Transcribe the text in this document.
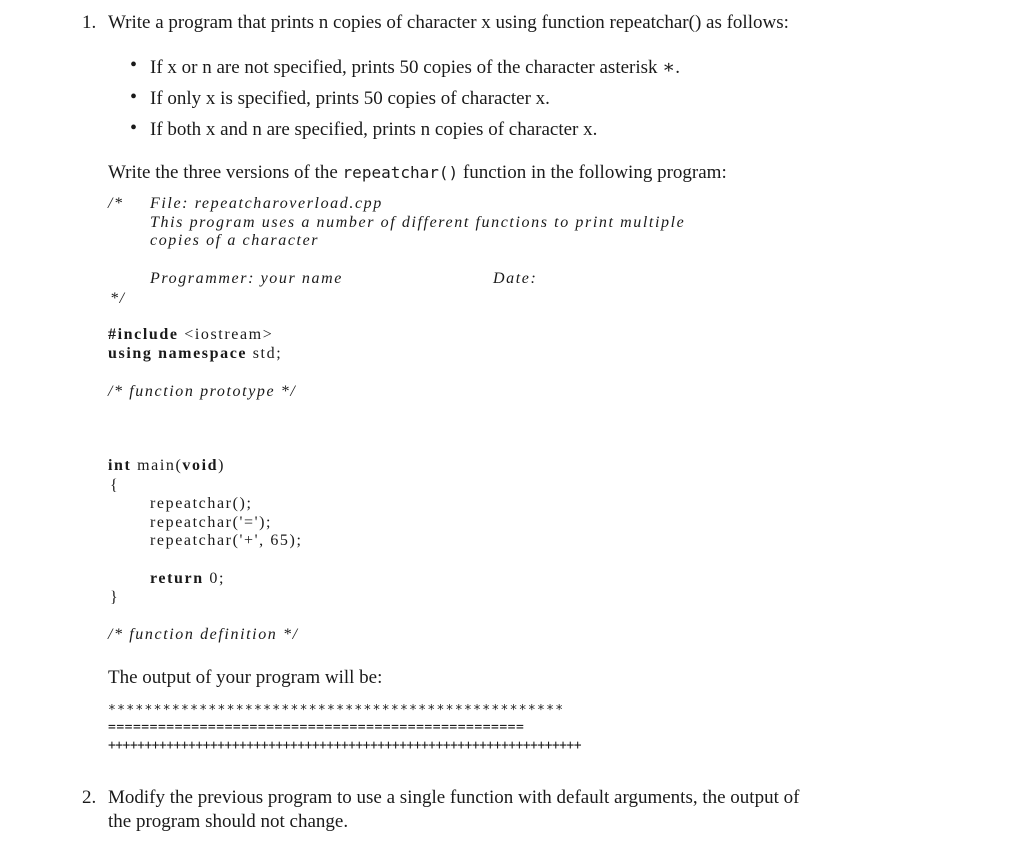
1. Write a program that prints n copies of character x using function repeatchar() as follows:
• If x or n are not specified, prints 50 copies of the character asterisk ∗.
• If only x is specified, prints 50 copies of character x.
• If both x and n are specified, prints n copies of character x.
Write the three versions of the repeatchar() function in the following program:
/* File: repeatcharoverload.cpp
This program uses a number of different functions to print multiple
copies of a character
Programmer: your name	Date:
*/
#include <iostream>
using namespace std;
/* function prototype */
int main(void)
{
repeatchar();
repeatchar('=');
repeatchar('+', 65);
return 0;
}
/* function definition */
The output of your program will be:
**************************************************
==================================================
+++++++++++++++++++++++++++++++++++++++++++++++++++++++++++++++++
2. Modify the previous program to use a single function with default arguments, the output of
the program should not change.
